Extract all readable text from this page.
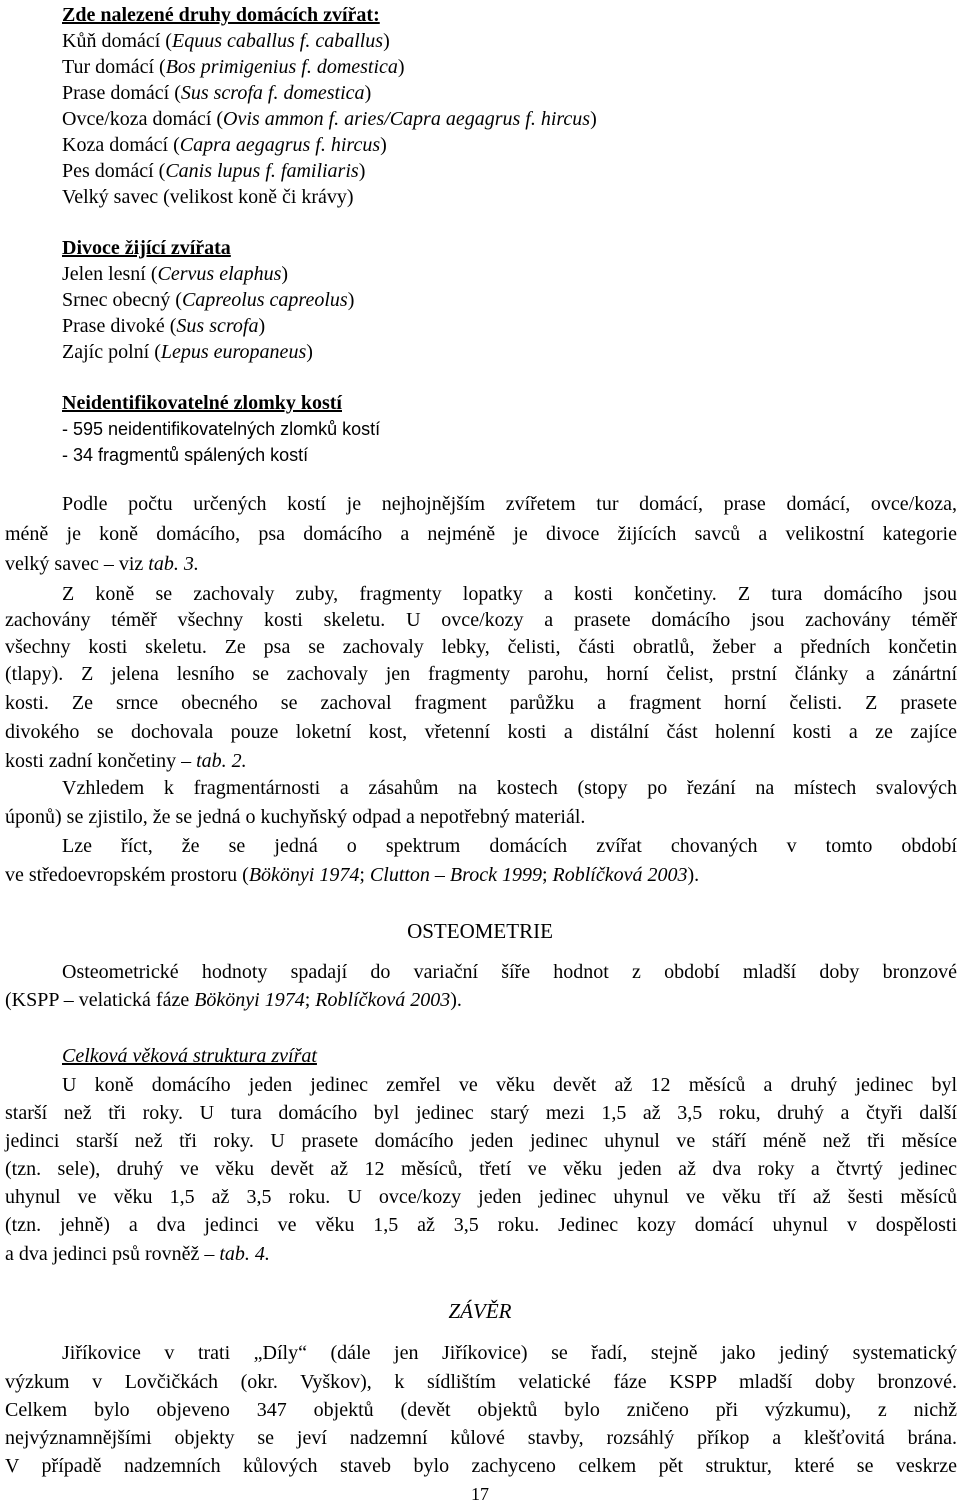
Zde nalezené druhy domácích zvířat:
Kůň domácí (Equus caballus f. caballus)
Tur domácí (Bos primigenius f. domestica)
Prase domácí (Sus scrofa f. domestica)
Ovce/koza domácí (Ovis ammon f. aries/Capra aegagrus f. hircus)
Koza domácí (Capra aegagrus f. hircus)
Pes domácí (Canis lupus f. familiaris)
Velký savec (velikost koně či krávy)
Divoce žijící zvířata
Jelen lesní (Cervus elaphus)
Srnec obecný (Capreolus capreolus)
Prase divoké (Sus scrofa)
Zajíc polní (Lepus europaneus)
Neidentifikovatelné zlomky kostí
- 595 neidentifikovatelných zlomků kostí
- 34 fragmentů spálených kostí
Podle počtu určených kostí je nejhojnějším zvířetem tur domácí, prase domácí, ovce/koza,
méně je koně domácího, psa domácího a nejméně je divoce žijících savců a velikostní kategorie
velký savec – viz tab. 3.
Z koně se zachovaly zuby, fragmenty lopatky a kosti končetiny. Z tura domácího jsou
zachovány téměř všechny kosti skeletu. U ovce/kozy a prasete domácího jsou zachovány téměř
všechny kosti skeletu. Ze psa se zachovaly lebky, čelisti, části obratlů, žeber a předních končetin
(tlapy). Z jelena lesního se zachovaly jen fragmenty parohu, horní čelist, prstní články a zánártní
kosti. Ze srnce obecného se zachoval fragment parůžku a fragment horní čelisti. Z prasete
divokého se dochovala pouze loketní kost, vřetenní kosti a distální část holenní kosti a ze zajíce
kosti zadní končetiny – tab. 2.
Vzhledem k fragmentárnosti a zásahům na kostech (stopy po řezání na místech svalových
úponů) se zjistilo, že se jedná o kuchyňský odpad a nepotřebný materiál.
Lze říct, že se jedná o spektrum domácích zvířat chovaných v tomto období
ve středoevropském prostoru (Bökönyi 1974; Clutton – Brock 1999; Roblíčková 2003).
OSTEOMETRIE
Osteometrické hodnoty spadají do variační šíře hodnot z období mladší doby bronzové
(KSPP – velatická fáze Bökönyi 1974; Roblíčková 2003).
Celková věková struktura zvířat
U koně domácího jeden jedinec zemřel ve věku devět až 12 měsíců a druhý jedinec byl
starší než tři roky. U tura domácího byl jedinec starý mezi 1,5 až 3,5 roku, druhý a čtyři další
jedinci starší než tři roky. U prasete domácího jeden jedinec uhynul ve stáří méně než tři měsíce
(tzn. sele), druhý ve věku devět až 12 měsíců, třetí ve věku jeden až dva roky a čtvrtý jedinec
uhynul ve věku 1,5 až 3,5 roku. U ovce/kozy jeden jedinec uhynul ve věku tří až šesti měsíců
(tzn. jehně) a dva jedinci ve věku 1,5 až 3,5 roku. Jedinec kozy domácí uhynul v dospělosti
a dva jedinci psů rovněž – tab. 4.
ZÁVĚR
Jiříkovice v trati „Díly“ (dále jen Jiříkovice) se řadí, stejně jako jediný systematický
výzkum v Lovčičkách (okr. Vyškov), k sídlištím velatické fáze KSPP mladší doby bronzové.
Celkem bylo objeveno 347 objektů (devět objektů bylo zničeno při výzkumu), z nichž
nejvýznamnějšími objekty se jeví nadzemní kůlové stavby, rozsáhlý příkop a klešťovitá brána.
V případě nadzemních kůlových staveb bylo zachyceno celkem pět struktur, které se veskrze
17
